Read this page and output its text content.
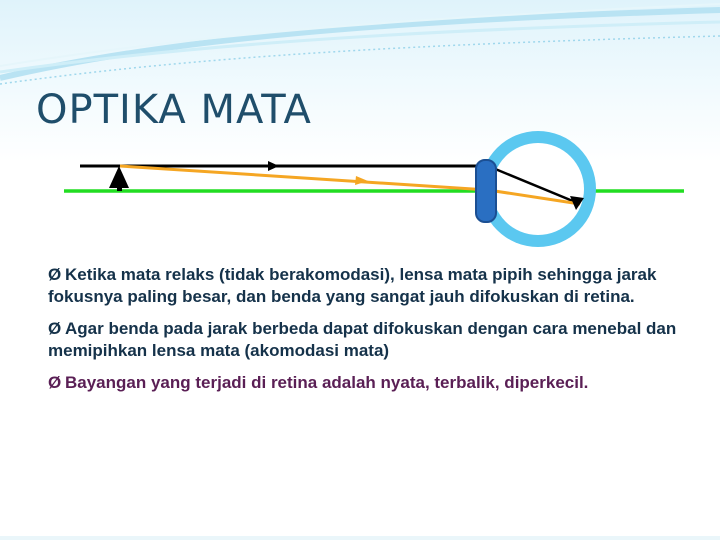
OPTIKA MATA

Ø Ketika mata relaks (tidak berakomodasi), lensa mata pipih sehingga jarak fokusnya paling besar, dan benda yang sangat jauh difokuskan di retina.

Ø Agar benda pada jarak berbeda dapat difokuskan dengan cara menebal dan memipihkan lensa mata (akomodasi mata)

Ø Bayangan yang terjadi di retina adalah nyata, terbalik, diperkecil.
